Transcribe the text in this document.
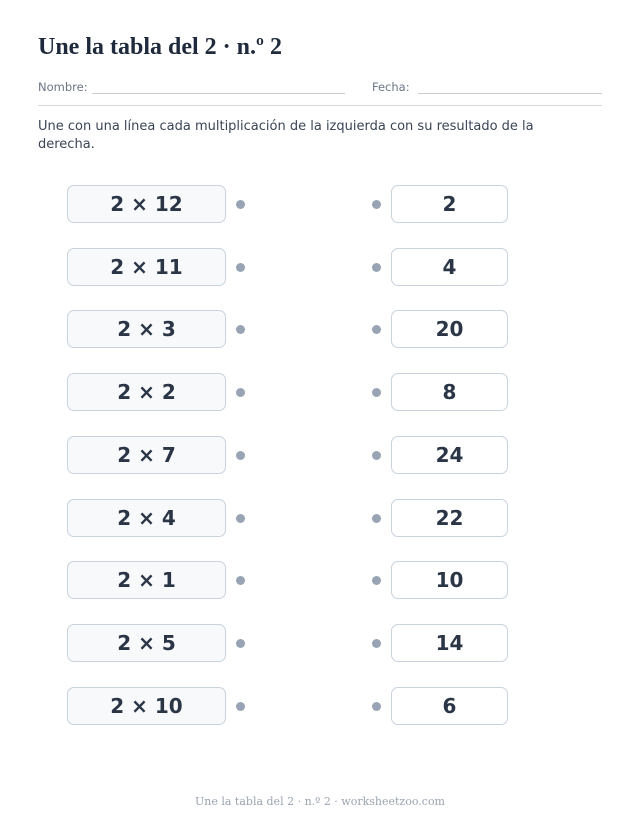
Une la tabla del 2 · n.º 2
Nombre:	Fecha:
Une con una línea cada multiplicación de la izquierda con su resultado de la derecha.
2 × 12	2
2 × 11	4
2 × 3	20
2 × 2	8
2 × 7	24
2 × 4	22
2 × 1	10
2 × 5	14
2 × 10	6
Une la tabla del 2 · n.º 2 · worksheetzoo.com
